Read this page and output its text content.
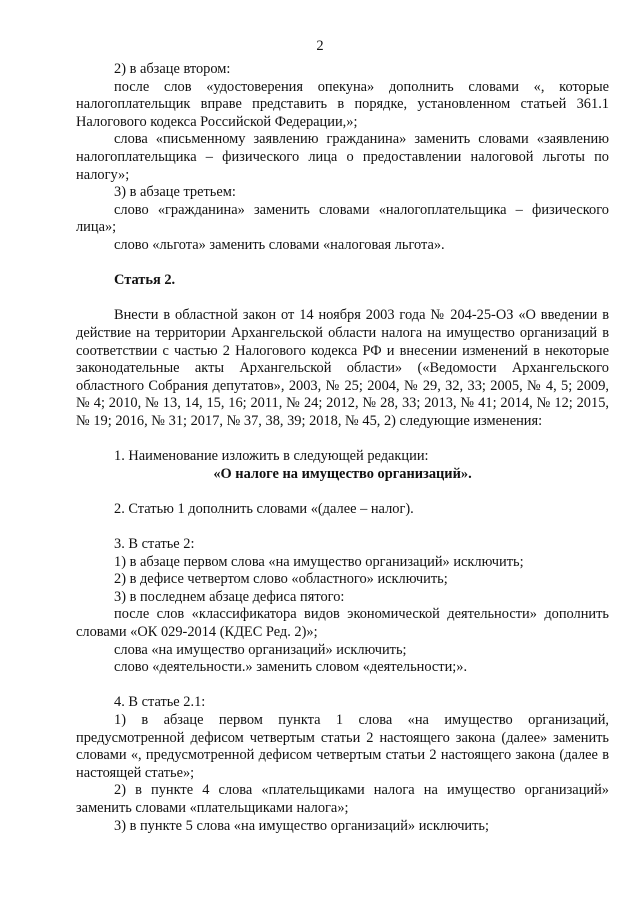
2

2) в абзаце втором:

после слов «удостоверения опекуна» дополнить словами «, которые налогоплательщик вправе представить в порядке, установленном статьей 361.1 Налогового кодекса Российской Федерации,»;

слова «письменному заявлению гражданина» заменить словами «заявлению налогоплательщика – физического лица о предоставлении налоговой льготы по налогу»;

3) в абзаце третьем:

слово «гражданина» заменить словами «налогоплательщика – физического лица»;

слово «льгота» заменить словами «налоговая льгота».

Статья 2.

Внести в областной закон от 14 ноября 2003 года № 204-25-ОЗ «О введении в действие на территории Архангельской области налога на имущество организаций в соответствии с частью 2 Налогового кодекса РФ и внесении изменений в некоторые законодательные акты Архангельской области» («Ведомости Архангельского областного Собрания депутатов», 2003, № 25; 2004, № 29, 32, 33; 2005, № 4, 5; 2009, № 4; 2010, № 13, 14, 15, 16; 2011, № 24; 2012, № 28, 33; 2013, № 41; 2014, № 12; 2015, № 19; 2016, № 31; 2017, № 37, 38, 39; 2018, № 45, 2) следующие изменения:

1. Наименование изложить в следующей редакции:

«О налоге на имущество организаций».

2. Статью 1 дополнить словами «(далее – налог).

3. В статье 2:

1) в абзаце первом слова «на имущество организаций» исключить;

2) в дефисе четвертом слово «областного» исключить;

3) в последнем абзаце дефиса пятого:

после слов «классификатора видов экономической деятельности» дополнить словами «ОК 029-2014 (КДЕС Ред. 2)»;

слова «на имущество организаций» исключить;

слово «деятельности.» заменить словом «деятельности;».

4. В статье 2.1:

1) в абзаце первом пункта 1 слова «на имущество организаций, предусмотренной дефисом четвертым статьи 2 настоящего закона (далее» заменить словами «, предусмотренной дефисом четвертым статьи 2 настоящего закона (далее в настоящей статье»;

2) в пункте 4 слова «плательщиками налога на имущество организаций» заменить словами «плательщиками налога»;

3) в пункте 5 слова «на имущество организаций» исключить;
